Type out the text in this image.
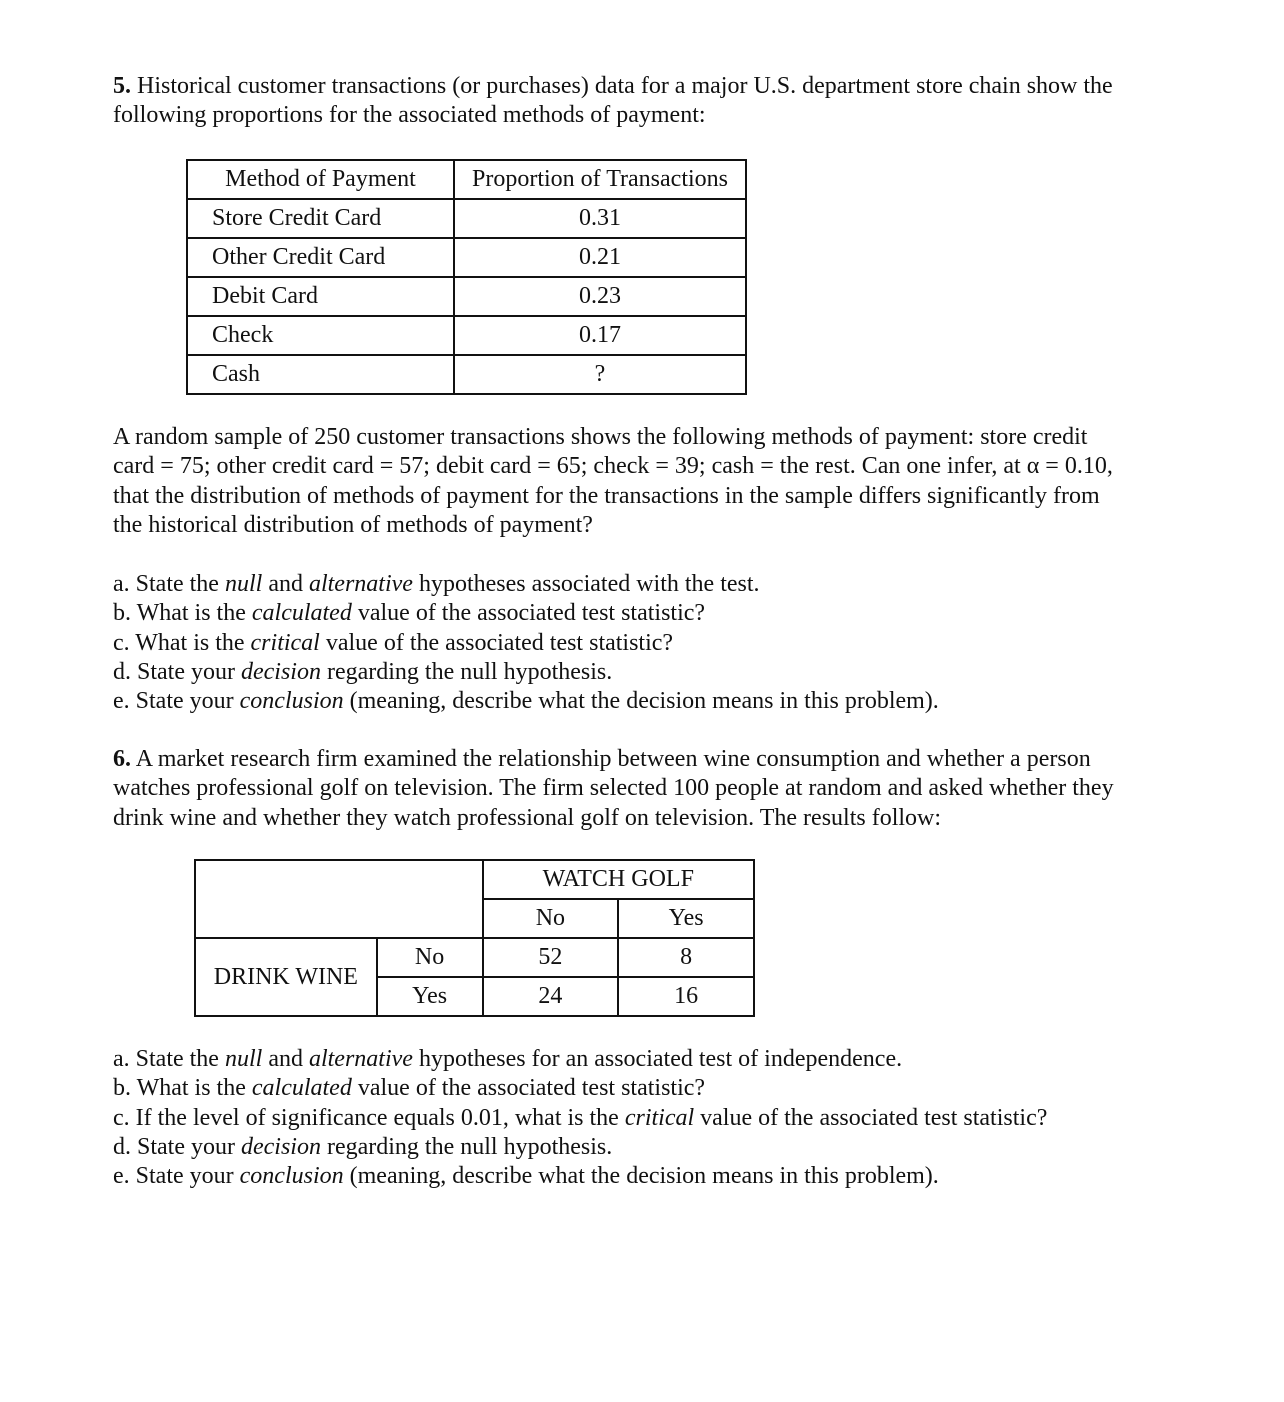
5. Historical customer transactions (or purchases) data for a major U.S. department store chain show the
following proportions for the associated methods of payment:
Method of Payment	Proportion of Transactions
Store Credit Card	0.31
Other Credit Card	0.21
Debit Card	0.23
Check	0.17
Cash	?
A random sample of 250 customer transactions shows the following methods of payment: store credit
card = 75; other credit card = 57; debit card = 65; check = 39; cash = the rest. Can one infer, at α = 0.10,
that the distribution of methods of payment for the transactions in the sample differs significantly from
the historical distribution of methods of payment?
a. State the null and alternative hypotheses associated with the test.
b. What is the calculated value of the associated test statistic?
c. What is the critical value of the associated test statistic?
d. State your decision regarding the null hypothesis.
e. State your conclusion (meaning, describe what the decision means in this problem).
6. A market research firm examined the relationship between wine consumption and whether a person
watches professional golf on television. The firm selected 100 people at random and asked whether they
drink wine and whether they watch professional golf on television. The results follow:
		WATCH GOLF	
		No	Yes
DRINK WINE	No	52	8
	Yes	24	16
a. State the null and alternative hypotheses for an associated test of independence.
b. What is the calculated value of the associated test statistic?
c. If the level of significance equals 0.01, what is the critical value of the associated test statistic?
d. State your decision regarding the null hypothesis.
e. State your conclusion (meaning, describe what the decision means in this problem).
